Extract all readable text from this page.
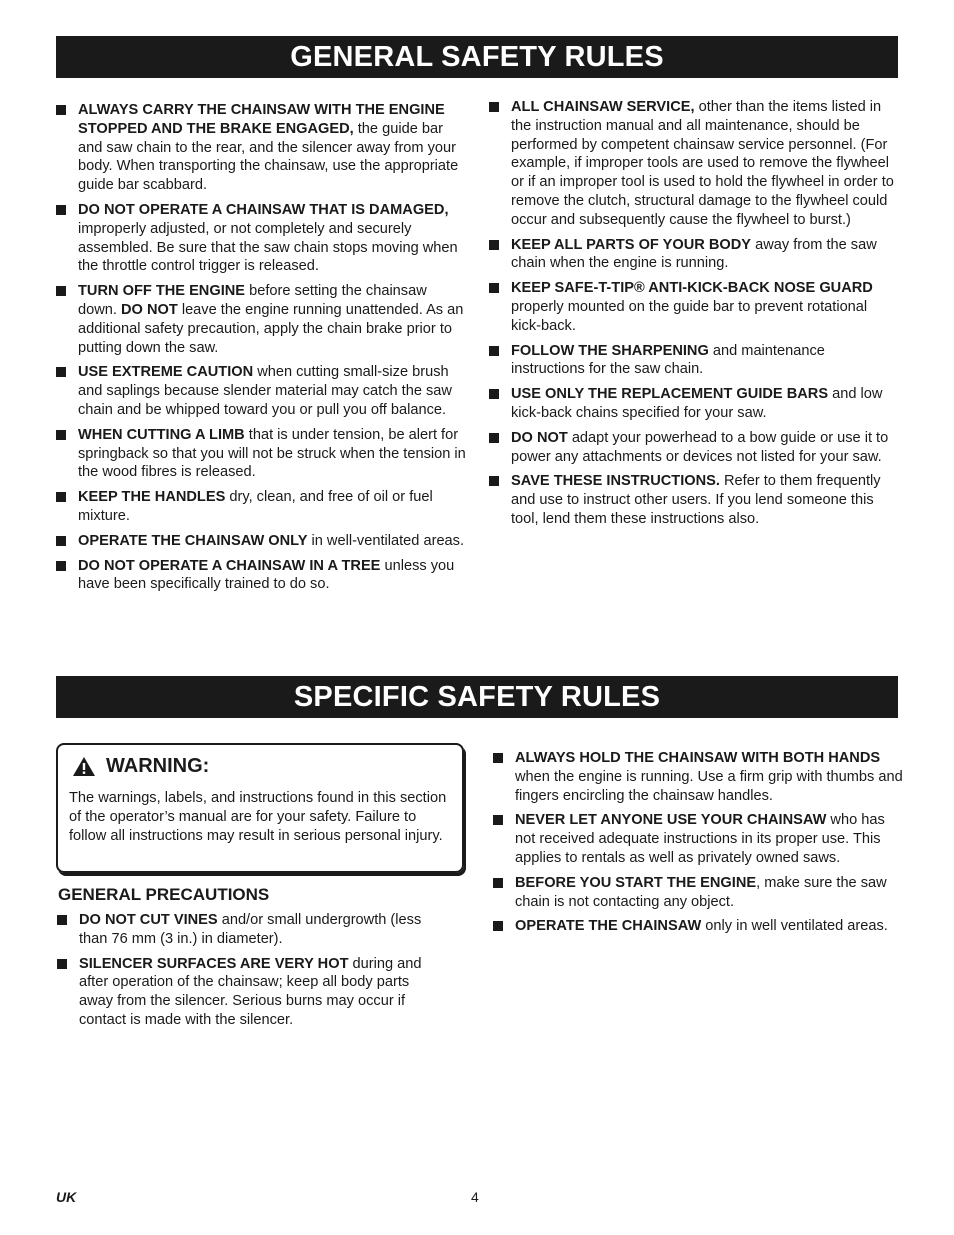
GENERAL SAFETY RULES
ALWAYS CARRY THE CHAINSAW WITH THE ENGINE STOPPED AND THE BRAKE ENGAGED, the guide bar and saw chain to the rear, and the silencer away from your body. When transporting the chainsaw, use the appropriate guide bar scabbard.
DO NOT OPERATE A CHAINSAW THAT IS DAMAGED, improperly adjusted, or not completely and securely assembled. Be sure that the saw chain stops moving when the throttle control trigger is released.
TURN OFF THE ENGINE before setting the chainsaw down. DO NOT leave the engine running unattended. As an additional safety precaution, apply the chain brake prior to putting down the saw.
USE EXTREME CAUTION when cutting small-size brush and saplings because slender material may catch the saw chain and be whipped toward you or pull you off balance.
WHEN CUTTING A LIMB that is under tension, be alert for springback so that you will not be struck when the tension in the wood fibres is released.
KEEP THE HANDLES dry, clean, and free of oil or fuel mixture.
OPERATE THE CHAINSAW ONLY in well-ventilated areas.
DO NOT OPERATE A CHAINSAW IN A TREE unless you have been specifically trained to do so.
ALL CHAINSAW SERVICE, other than the items listed in the instruction manual and all maintenance, should be performed by competent chainsaw service personnel. (For example, if improper tools are used to remove the flywheel or if an improper tool is used to hold the flywheel in order to remove the clutch, structural damage to the flywheel could occur and subsequently cause the flywheel to burst.)
KEEP ALL PARTS OF YOUR BODY away from the saw chain when the engine is running.
KEEP SAFE-T-TIP® ANTI-KICK-BACK NOSE GUARD properly mounted on the guide bar to prevent rotational kick-back.
FOLLOW THE SHARPENING and maintenance instructions for the saw chain.
USE ONLY THE REPLACEMENT GUIDE BARS and low kick-back chains specified for your saw.
DO NOT adapt your powerhead to a bow guide or use it to power any attachments or devices not listed for your saw.
SAVE THESE INSTRUCTIONS. Refer to them frequently and use to instruct other users. If you lend someone this tool, lend them these instructions also.
SPECIFIC SAFETY RULES
WARNING:
The warnings, labels, and instructions found in this section of the operator’s manual are for your safety. Failure to follow all instructions may result in serious personal injury.
GENERAL PRECAUTIONS
DO NOT CUT VINES and/or small undergrowth (less than 76 mm (3 in.) in diameter).
SILENCER SURFACES ARE VERY HOT during and after operation of the chainsaw; keep all body parts away from the silencer. Serious burns may occur if contact is made with the silencer.
ALWAYS HOLD THE CHAINSAW WITH BOTH HANDS when the engine is running. Use a firm grip with thumbs and fingers encircling the chainsaw handles.
NEVER LET ANYONE USE YOUR CHAINSAW who has not received adequate instructions in its proper use. This applies to rentals as well as privately owned saws.
BEFORE YOU START THE ENGINE, make sure the saw chain is not contacting any object.
OPERATE THE CHAINSAW only in well ventilated areas.
UK	4
